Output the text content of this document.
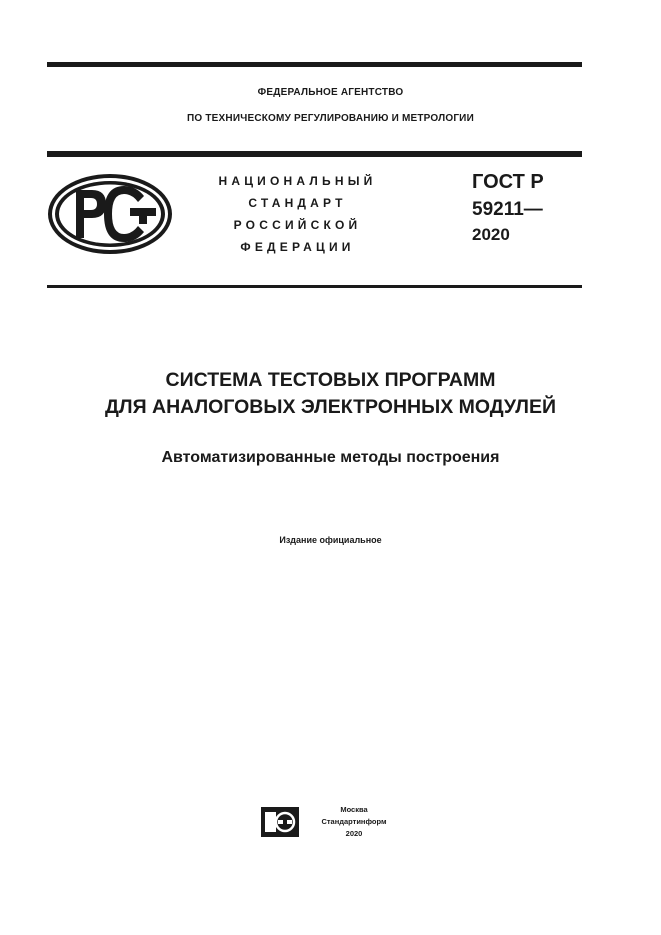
ФЕДЕРАЛЬНОЕ АГЕНТСТВО
ПО ТЕХНИЧЕСКОМУ РЕГУЛИРОВАНИЮ И МЕТРОЛОГИИ
НАЦИОНАЛЬНЫЙ
СТАНДАРТ
РОССИЙСКОЙ
ФЕДЕРАЦИИ
ГОСТ Р
59211—
2020
СИСТЕМА ТЕСТОВЫХ ПРОГРАММ
ДЛЯ АНАЛОГОВЫХ ЭЛЕКТРОННЫХ МОДУЛЕЙ
Автоматизированные методы построения
Издание официальное
Москва
Стандартинформ
2020
